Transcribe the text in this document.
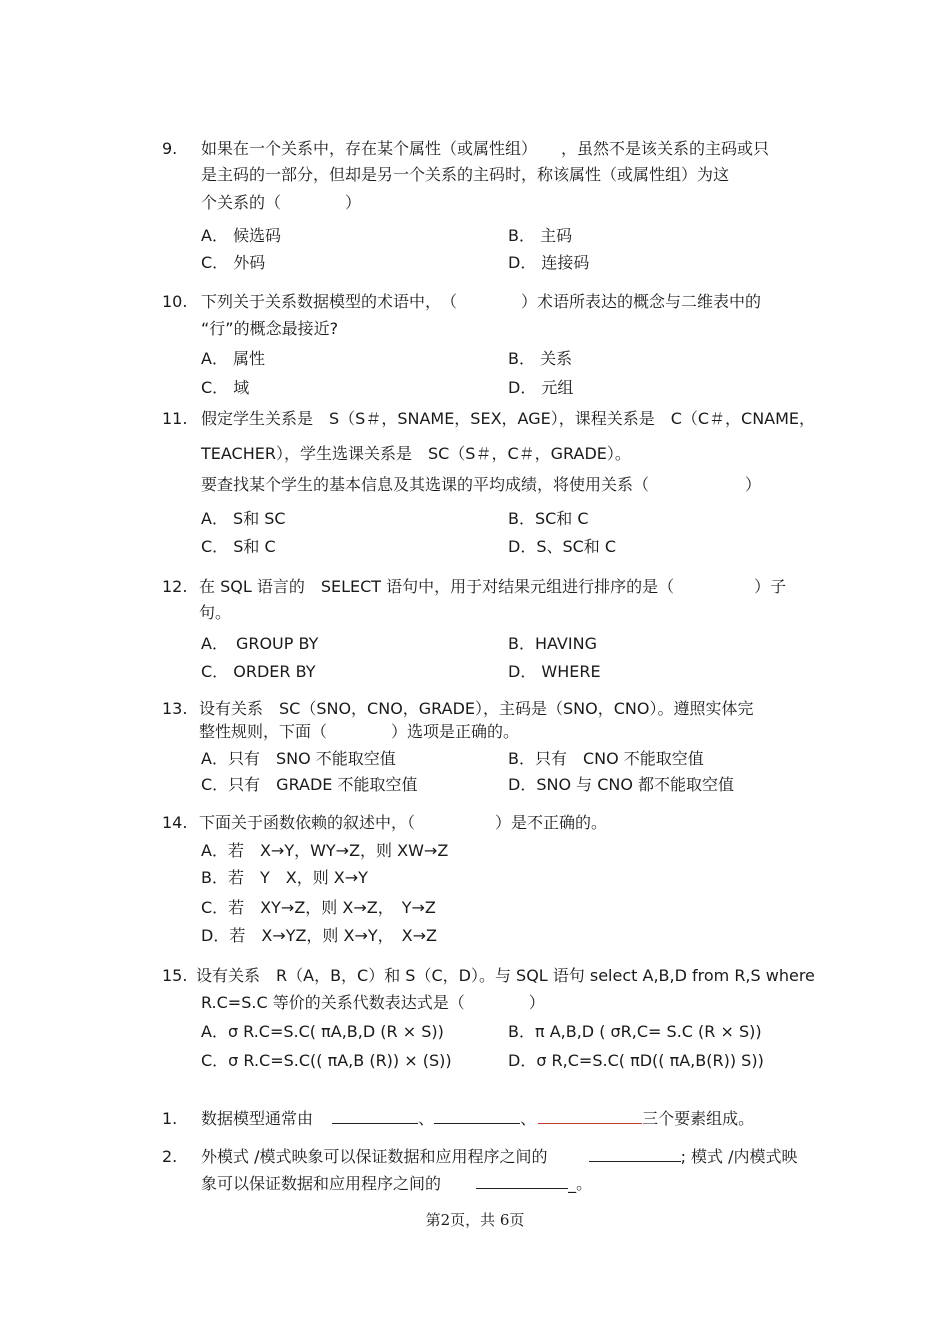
9. 如果在一个关系中，存在某个属性（或属性组）　　，虽然不是该关系的主码或只
是主码的一部分，但却是另一个关系的主码时，称该属性（或属性组）为这
个关系的（　　　　）
A． 候选码	B． 主码
C． 外码	D． 连接码
10. 下列关于关系数据模型的术语中，　（　　　　）术语所表达的概念与二维表中的
“行”的概念最接近?
A． 属性	B． 关系
C． 域	D． 元组
11. 假定学生关系是　S（S＃，SNAME，SEX，AGE），课程关系是　C（C＃，CNAME，
TEACHER），学生选课关系是　SC（S＃，C＃，GRADE）。
要查找某个学生的基本信息及其选课的平均成绩，将使用关系（　　　　　　）
A． S和 SC	B．SC和 C
C． S和 C	D．S、SC和 C
12. 在 SQL 语言的　SELECT 语句中，用于对结果元组进行排序的是（　　　　　）子
句。
A．　GROUP BY	B．HAVING
C． ORDER BY	D． WHERE
13. 设有关系　SC（SNO，CNO，GRADE），主码是（SNO，CNO）。遵照实体完
整性规则，下面（　　　　）选项是正确的。
A．只有　SNO 不能取空值	B．只有　CNO 不能取空值
C．只有　GRADE 不能取空值	D．SNO 与 CNO 都不能取空值
14. 下面关于函数依赖的叙述中，（　　　　　）是不正确的。
A．若　X→Y，WY→Z，则 XW→Z
B．若　Y　X，则 X→Y
C．若　XY→Z，则 X→Z，　Y→Z
D．若　X→YZ，则 X→Y，　X→Z
15. 设有关系　R（A，B，C）和 S（C，D）。与 SQL 语句 select A,B,D from R,S where
R.C=S.C 等价的关系代数表达式是（　　　　）
A．σ R.C=S.C( πA,B,D (R × S))	B．π A,B,D ( σR,C= S.C (R × S))
C．σ R.C=S.C(( πA,B (R)) × (S))	D．σ R,C=S.C( πD(( πA,B(R)) S))
1. 数据模型通常由	、	、	三个要素组成。
2. 外模式 /模式映象可以保证数据和应用程序之间的	; 模式 /内模式映
象可以保证数据和应用程序之间的	_。
第2页，共 6页
